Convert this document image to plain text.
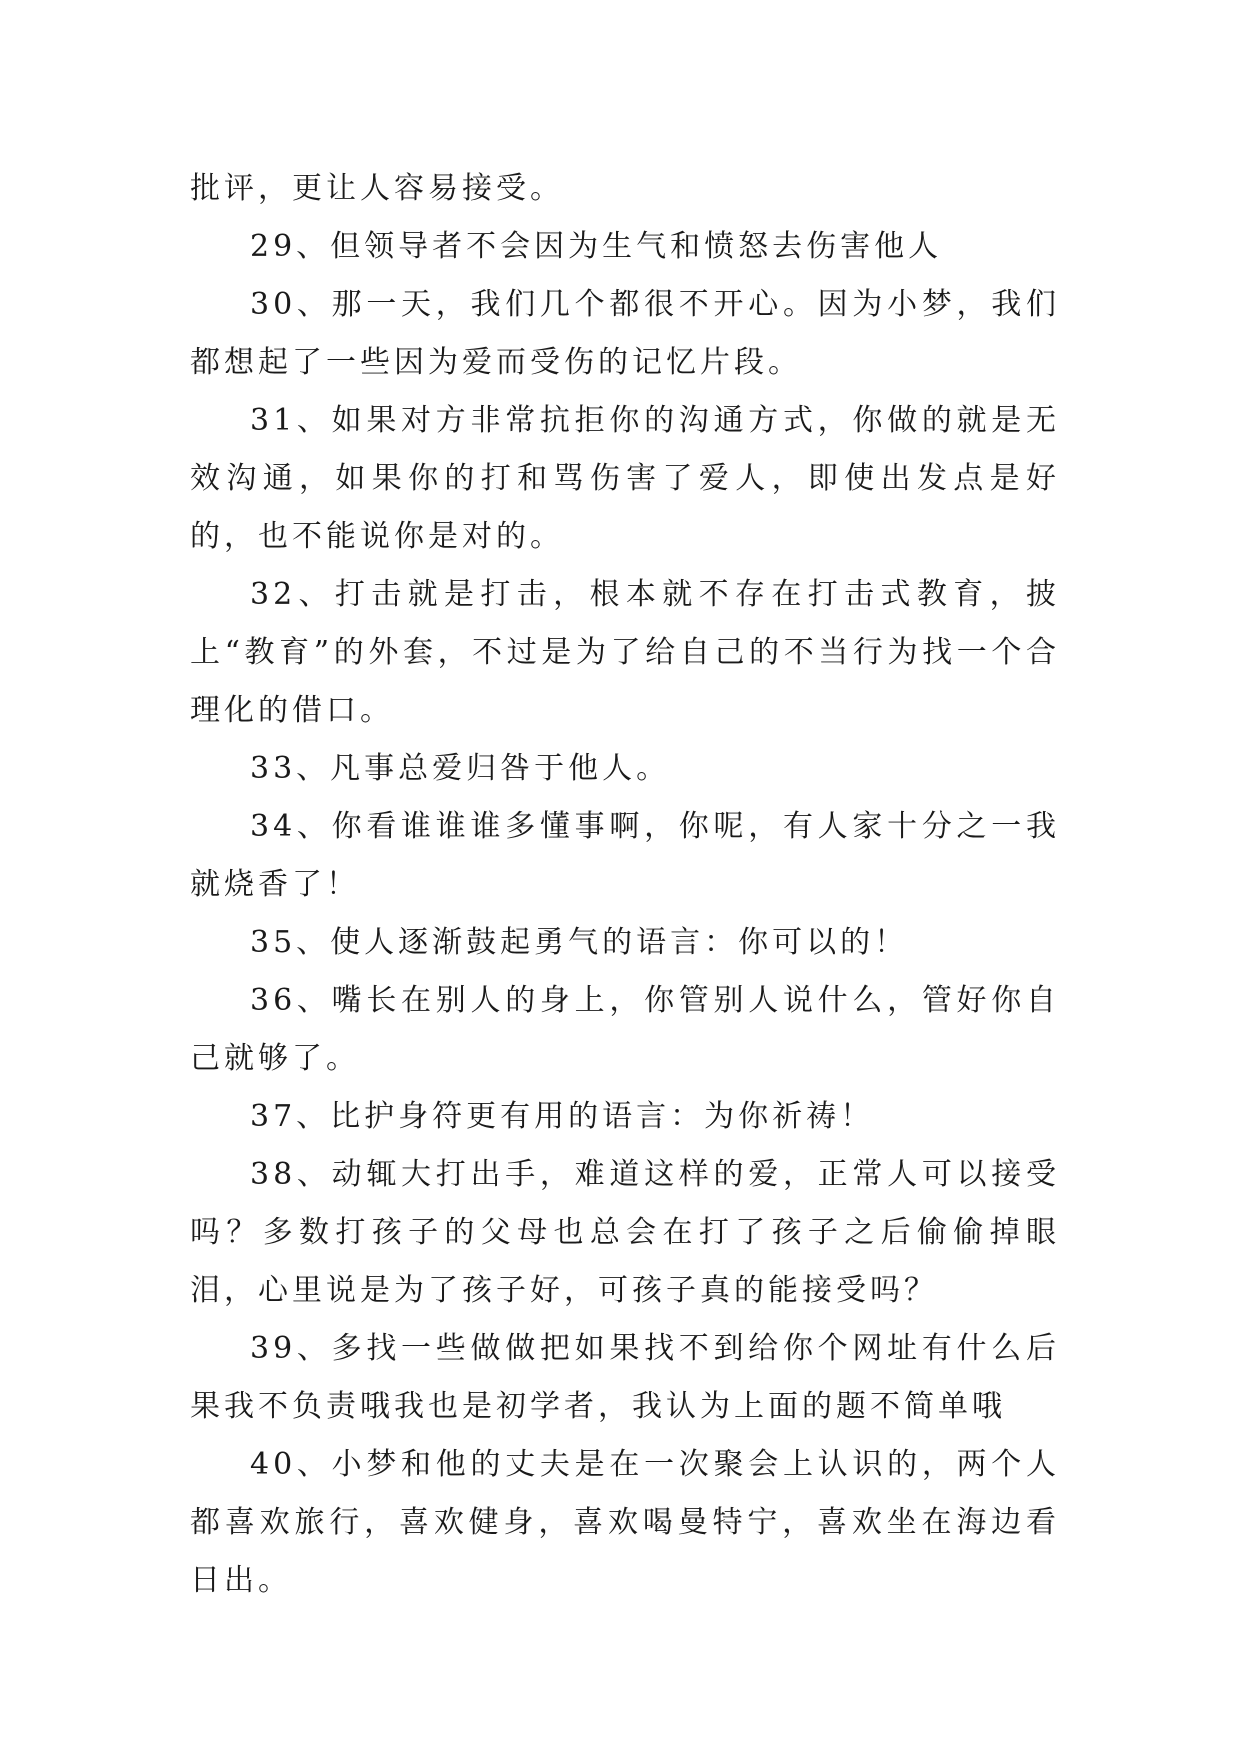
批评，更让人容易接受。

29、但领导者不会因为生气和愤怒去伤害他人

30、那一天，我们几个都很不开心。因为小梦，我们都想起了一些因为爱而受伤的记忆片段。

31、如果对方非常抗拒你的沟通方式，你做的就是无效沟通，如果你的打和骂伤害了爱人，即使出发点是好的，也不能说你是对的。

32、打击就是打击，根本就不存在打击式教育，披上“教育”的外套，不过是为了给自己的不当行为找一个合理化的借口。

33、凡事总爱归咎于他人。

34、你看谁谁谁多懂事啊，你呢，有人家十分之一我就烧香了！

35、使人逐渐鼓起勇气的语言：你可以的！

36、嘴长在别人的身上，你管别人说什么，管好你自己就够了。

37、比护身符更有用的语言：为你祈祷！

38、动辄大打出手，难道这样的爱，正常人可以接受吗？多数打孩子的父母也总会在打了孩子之后偷偷掉眼泪，心里说是为了孩子好，可孩子真的能接受吗？

39、多找一些做做把如果找不到给你个网址有什么后果我不负责哦我也是初学者，我认为上面的题不简单哦

40、小梦和他的丈夫是在一次聚会上认识的，两个人都喜欢旅行，喜欢健身，喜欢喝曼特宁，喜欢坐在海边看日出。
